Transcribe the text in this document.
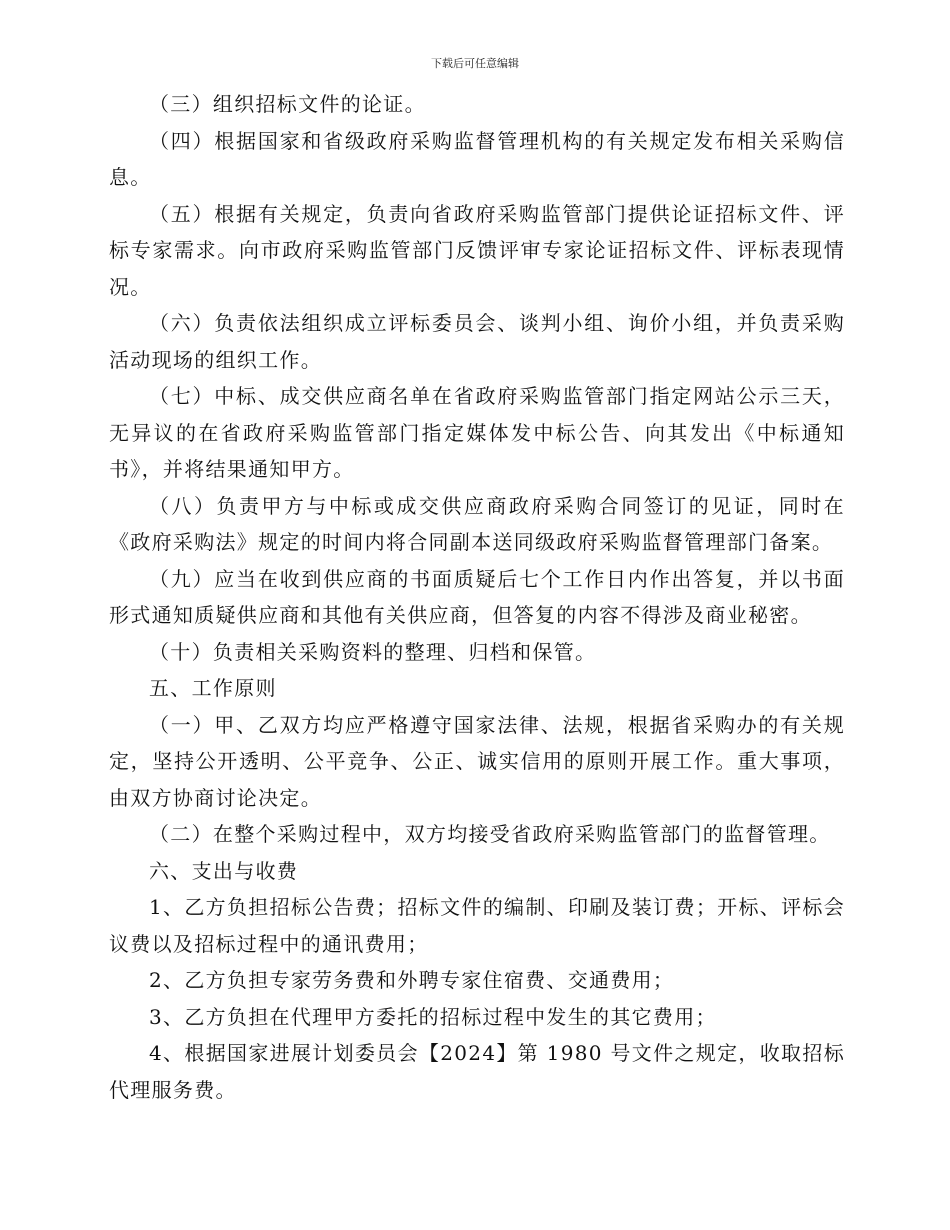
下载后可任意编辑

（三）组织招标文件的论证。

（四）根据国家和省级政府采购监督管理机构的有关规定发布相关采购信息。

（五）根据有关规定，负责向省政府采购监管部门提供论证招标文件、评标专家需求。向市政府采购监管部门反馈评审专家论证招标文件、评标表现情况。

（六）负责依法组织成立评标委员会、谈判小组、询价小组，并负责采购活动现场的组织工作。

（七）中标、成交供应商名单在省政府采购监管部门指定网站公示三天，无异议的在省政府采购监管部门指定媒体发中标公告、向其发出《中标通知书》，并将结果通知甲方。

（八）负责甲方与中标或成交供应商政府采购合同签订的见证，同时在《政府采购法》规定的时间内将合同副本送同级政府采购监督管理部门备案。

（九）应当在收到供应商的书面质疑后七个工作日内作出答复，并以书面形式通知质疑供应商和其他有关供应商，但答复的内容不得涉及商业秘密。

（十）负责相关采购资料的整理、归档和保管。

五、工作原则

（一）甲、乙双方均应严格遵守国家法律、法规，根据省采购办的有关规定，坚持公开透明、公平竞争、公正、诚实信用的原则开展工作。重大事项，由双方协商讨论决定。

（二）在整个采购过程中，双方均接受省政府采购监管部门的监督管理。

六、支出与收费

1、乙方负担招标公告费；招标文件的编制、印刷及装订费；开标、评标会议费以及招标过程中的通讯费用；

2、乙方负担专家劳务费和外聘专家住宿费、交通费用；

3、乙方负担在代理甲方委托的招标过程中发生的其它费用；

4、根据国家进展计划委员会【2024】第 1980 号文件之规定，收取招标代理服务费。
